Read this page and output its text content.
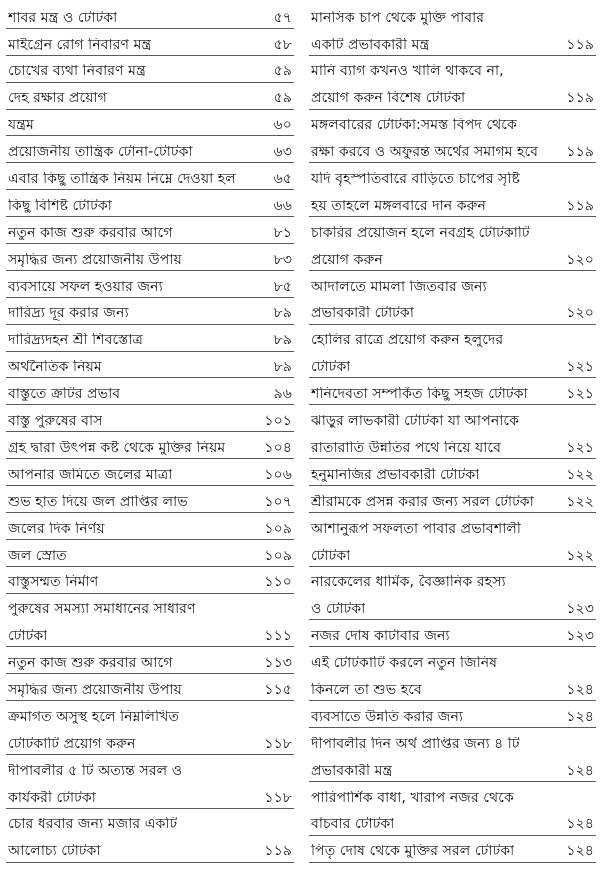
শাবর মন্ত্র ও টোটকা	৫৭
মাইগ্রেন রোগ নিবারণ মন্ত্র	৫৮
চোখের ব্যথা নিবারণ মন্ত্র	৫৯
দেহ রক্ষার প্রয়োগ	৫৯
যন্ত্রম	৬০
প্রয়োজনীয় তান্ত্রিক টোনা-টোটকা	৬৩
এবার কিছু তান্ত্রিক নিয়ম নিম্নে দেওয়া হল	৬৫
কিছু বিশিষ্ট টোটকা	৬৬
নতুন কাজ শুরু করবার আগে	৮১
সমৃদ্ধির জন্য প্রয়োজনীয় উপায়	৮৩
ব্যবসায়ে সফল হওয়ার জন্য	৮৫
দারিদ্র্য দূর করার জন্য	৮৯
দারিদ্র্যদহন শ্রী শিবস্তোত্র	৮৯
অর্থনৈতিক নিয়ম	৮৯
বাস্তুতে ক্রটির প্রভাব	৯৬
বাস্তু পুরুষের বাস	১০১
গ্রহ দ্বারা উৎপন্ন কষ্ট থেকে মুক্তির নিয়ম	১০৪
আপনার জমিতে জলের মাত্রা	১০৬
শুভ হাত দিয়ে জল প্রাপ্তির লাভ	১০৭
জলের দিক নির্ণয়	১০৯
জল স্রোত	১০৯
বাস্তুসম্মত নির্মাণ	১১০
পুরুষের সমস্যা সমাধানের সাধারণ
টোটকা	১১১
নতুন কাজ শুরু করবার আগে	১১৩
সমৃদ্ধির জন্য প্রয়োজনীয় উপায়	১১৫
ক্রমাগত অসুস্থ হলে নিম্নলিখিত
টোটকাটি প্রয়োগ করুন	১১৮
দীপাবলীর ৫ টি অত্যন্ত সরল ও
কার্যকরী টোটকা	১১৮
চোর ধরবার জন্য মজার একটি
আলোচ্য টোটকা	১১৯
মানসিক চাপ থেকে মুক্তি পাবার
একটি প্রভাবকারী মন্ত্র	১১৯
মানি ব্যাগ কখনও খালি থাকবে না,
প্রয়োগ করুন বিশেষ টোটকা	১১৯
মঙ্গলবারের টোটকা:সমস্ত বিপদ থেকে
রক্ষা করবে ও অফুরন্ত অর্থের সমাগম হবে ১১৯
যদি বৃহস্পতিবারে বাড়িতে চাপের সৃষ্টি
হয় তাহলে মঙ্গলবারে দান করুন	১১৯
চাকরির প্রয়োজন হলে নবগ্রহ টোটকাটি
প্রয়োগ করুন	১২০
আদালতে মামলা জিতবার জন্য
প্রভাবকারী টোটকা	১২০
হোলির রাত্রে প্রয়োগ করুন হলুদের
টোটকা	১২১
শনিদেবতা সম্পর্কিত কিছু সহজ টোটকা	১২১
ঝাড়ুর লাভকারী টোটকা যা আপনাকে
রাতারাতি উন্নতির পথে নিয়ে যাবে	১২১
হনুমানজির প্রভাবকারী টোটকা	১২২
শ্রীরামকে প্রসন্ন করার জন্য সরল টোটকা ১২২
আশানুরূপ সফলতা পাবার প্রভাবশালী
টোটকা	১২২
নারকেলের ধার্মিক, বৈজ্ঞানিক রহস্য
ও টোটকা	১২৩
নজর দোষ কাটাবার জন্য	১২৩
এই টোটকাটি করলে নতুন জিনিষ
কিনলে তা শুভ হবে	১২৪
ব্যবসাতে উন্নতি করার জন্য	১২৪
দীপাবলীর দিন অর্থ প্রাপ্তির জন্য ৪ টি
প্রভাবকারী মন্ত্র	১২৪
পারিপার্শিক বাধা, খারাপ নজর থেকে
বাঁচবার টোটকা	১২৪
পিতৃ দোষ থেকে মুক্তির সরল টোটকা	১২৪
